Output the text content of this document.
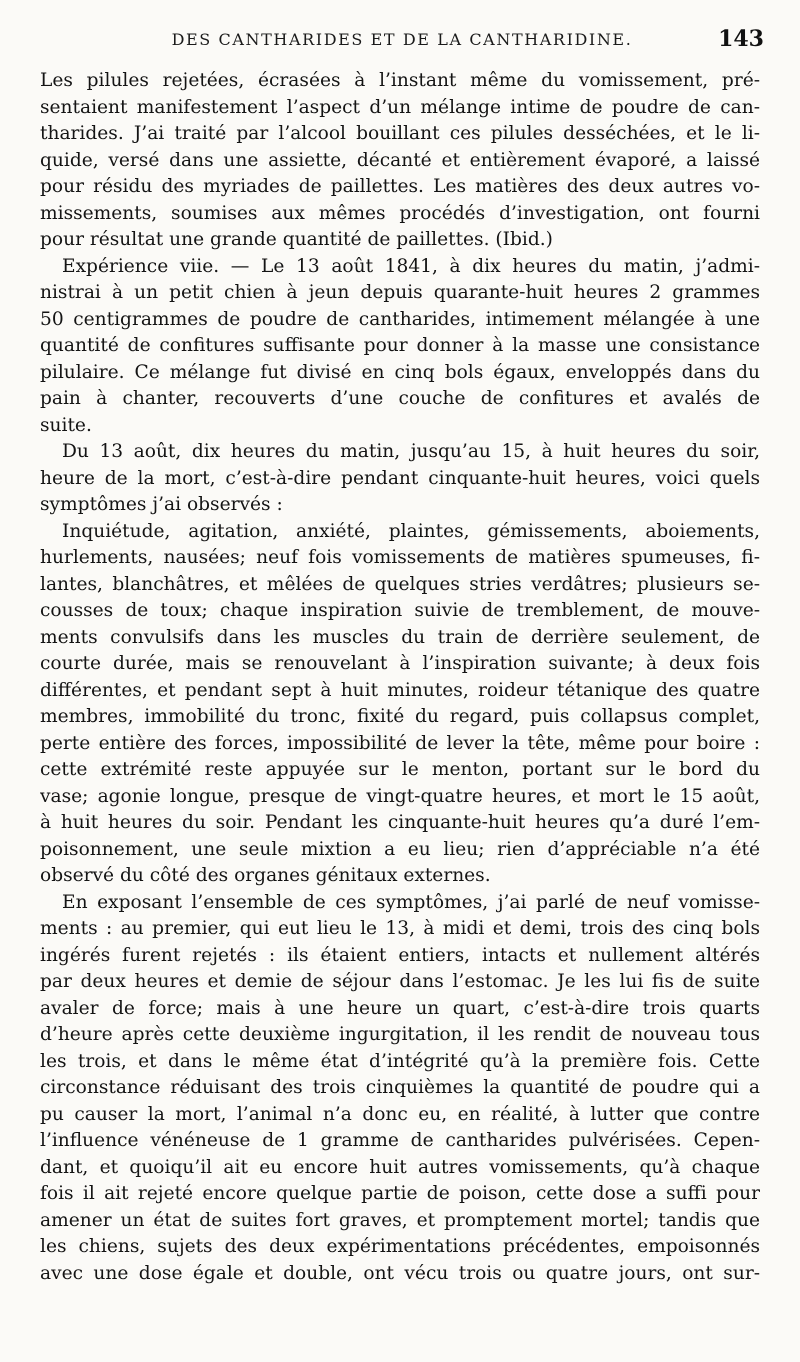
DES CANTHARIDES ET DE LA CANTHARIDINE.	143
Les pilules rejetées, écrasées à l’instant même du vomissement, pré-
sentaient manifestement l’aspect d’un mélange intime de poudre de can-
tharides. J’ai traité par l’alcool bouillant ces pilules desséchées, et le li-
quide, versé dans une assiette, décanté et entièrement évaporé, a laissé
pour résidu des myriades de paillettes. Les matières des deux autres vo-
missements, soumises aux mêmes procédés d’investigation, ont fourni
pour résultat une grande quantité de paillettes. (Ibid.)
Expérience viie. — Le 13 août 1841, à dix heures du matin, j’admi-
nistrai à un petit chien à jeun depuis quarante-huit heures 2 grammes
50 centigrammes de poudre de cantharides, intimement mélangée à une
quantité de confitures suffisante pour donner à la masse une consistance
pilulaire. Ce mélange fut divisé en cinq bols égaux, enveloppés dans du
pain à chanter, recouverts d’une couche de confitures et avalés de
suite.
Du 13 août, dix heures du matin, jusqu’au 15, à huit heures du soir,
heure de la mort, c’est-à-dire pendant cinquante-huit heures, voici quels
symptômes j’ai observés :
Inquiétude, agitation, anxiété, plaintes, gémissements, aboiements,
hurlements, nausées; neuf fois vomissements de matières spumeuses, fi-
lantes, blanchâtres, et mêlées de quelques stries verdâtres; plusieurs se-
cousses de toux; chaque inspiration suivie de tremblement, de mouve-
ments convulsifs dans les muscles du train de derrière seulement, de
courte durée, mais se renouvelant à l’inspiration suivante; à deux fois
différentes, et pendant sept à huit minutes, roideur tétanique des quatre
membres, immobilité du tronc, fixité du regard, puis collapsus complet,
perte entière des forces, impossibilité de lever la tête, même pour boire :
cette extrémité reste appuyée sur le menton, portant sur le bord du
vase; agonie longue, presque de vingt-quatre heures, et mort le 15 août,
à huit heures du soir. Pendant les cinquante-huit heures qu’a duré l’em-
poisonnement, une seule mixtion a eu lieu; rien d’appréciable n’a été
observé du côté des organes génitaux externes.
En exposant l’ensemble de ces symptômes, j’ai parlé de neuf vomisse-
ments : au premier, qui eut lieu le 13, à midi et demi, trois des cinq bols
ingérés furent rejetés : ils étaient entiers, intacts et nullement altérés
par deux heures et demie de séjour dans l’estomac. Je les lui fis de suite
avaler de force; mais à une heure un quart, c’est-à-dire trois quarts
d’heure après cette deuxième ingurgitation, il les rendit de nouveau tous
les trois, et dans le même état d’intégrité qu’à la première fois. Cette
circonstance réduisant des trois cinquièmes la quantité de poudre qui a
pu causer la mort, l’animal n’a donc eu, en réalité, à lutter que contre
l’influence vénéneuse de 1 gramme de cantharides pulvérisées. Cepen-
dant, et quoiqu’il ait eu encore huit autres vomissements, qu’à chaque
fois il ait rejeté encore quelque partie de poison, cette dose a suffi pour
amener un état de suites fort graves, et promptement mortel; tandis que
les chiens, sujets des deux expérimentations précédentes, empoisonnés
avec une dose égale et double, ont vécu trois ou quatre jours, ont sur-
